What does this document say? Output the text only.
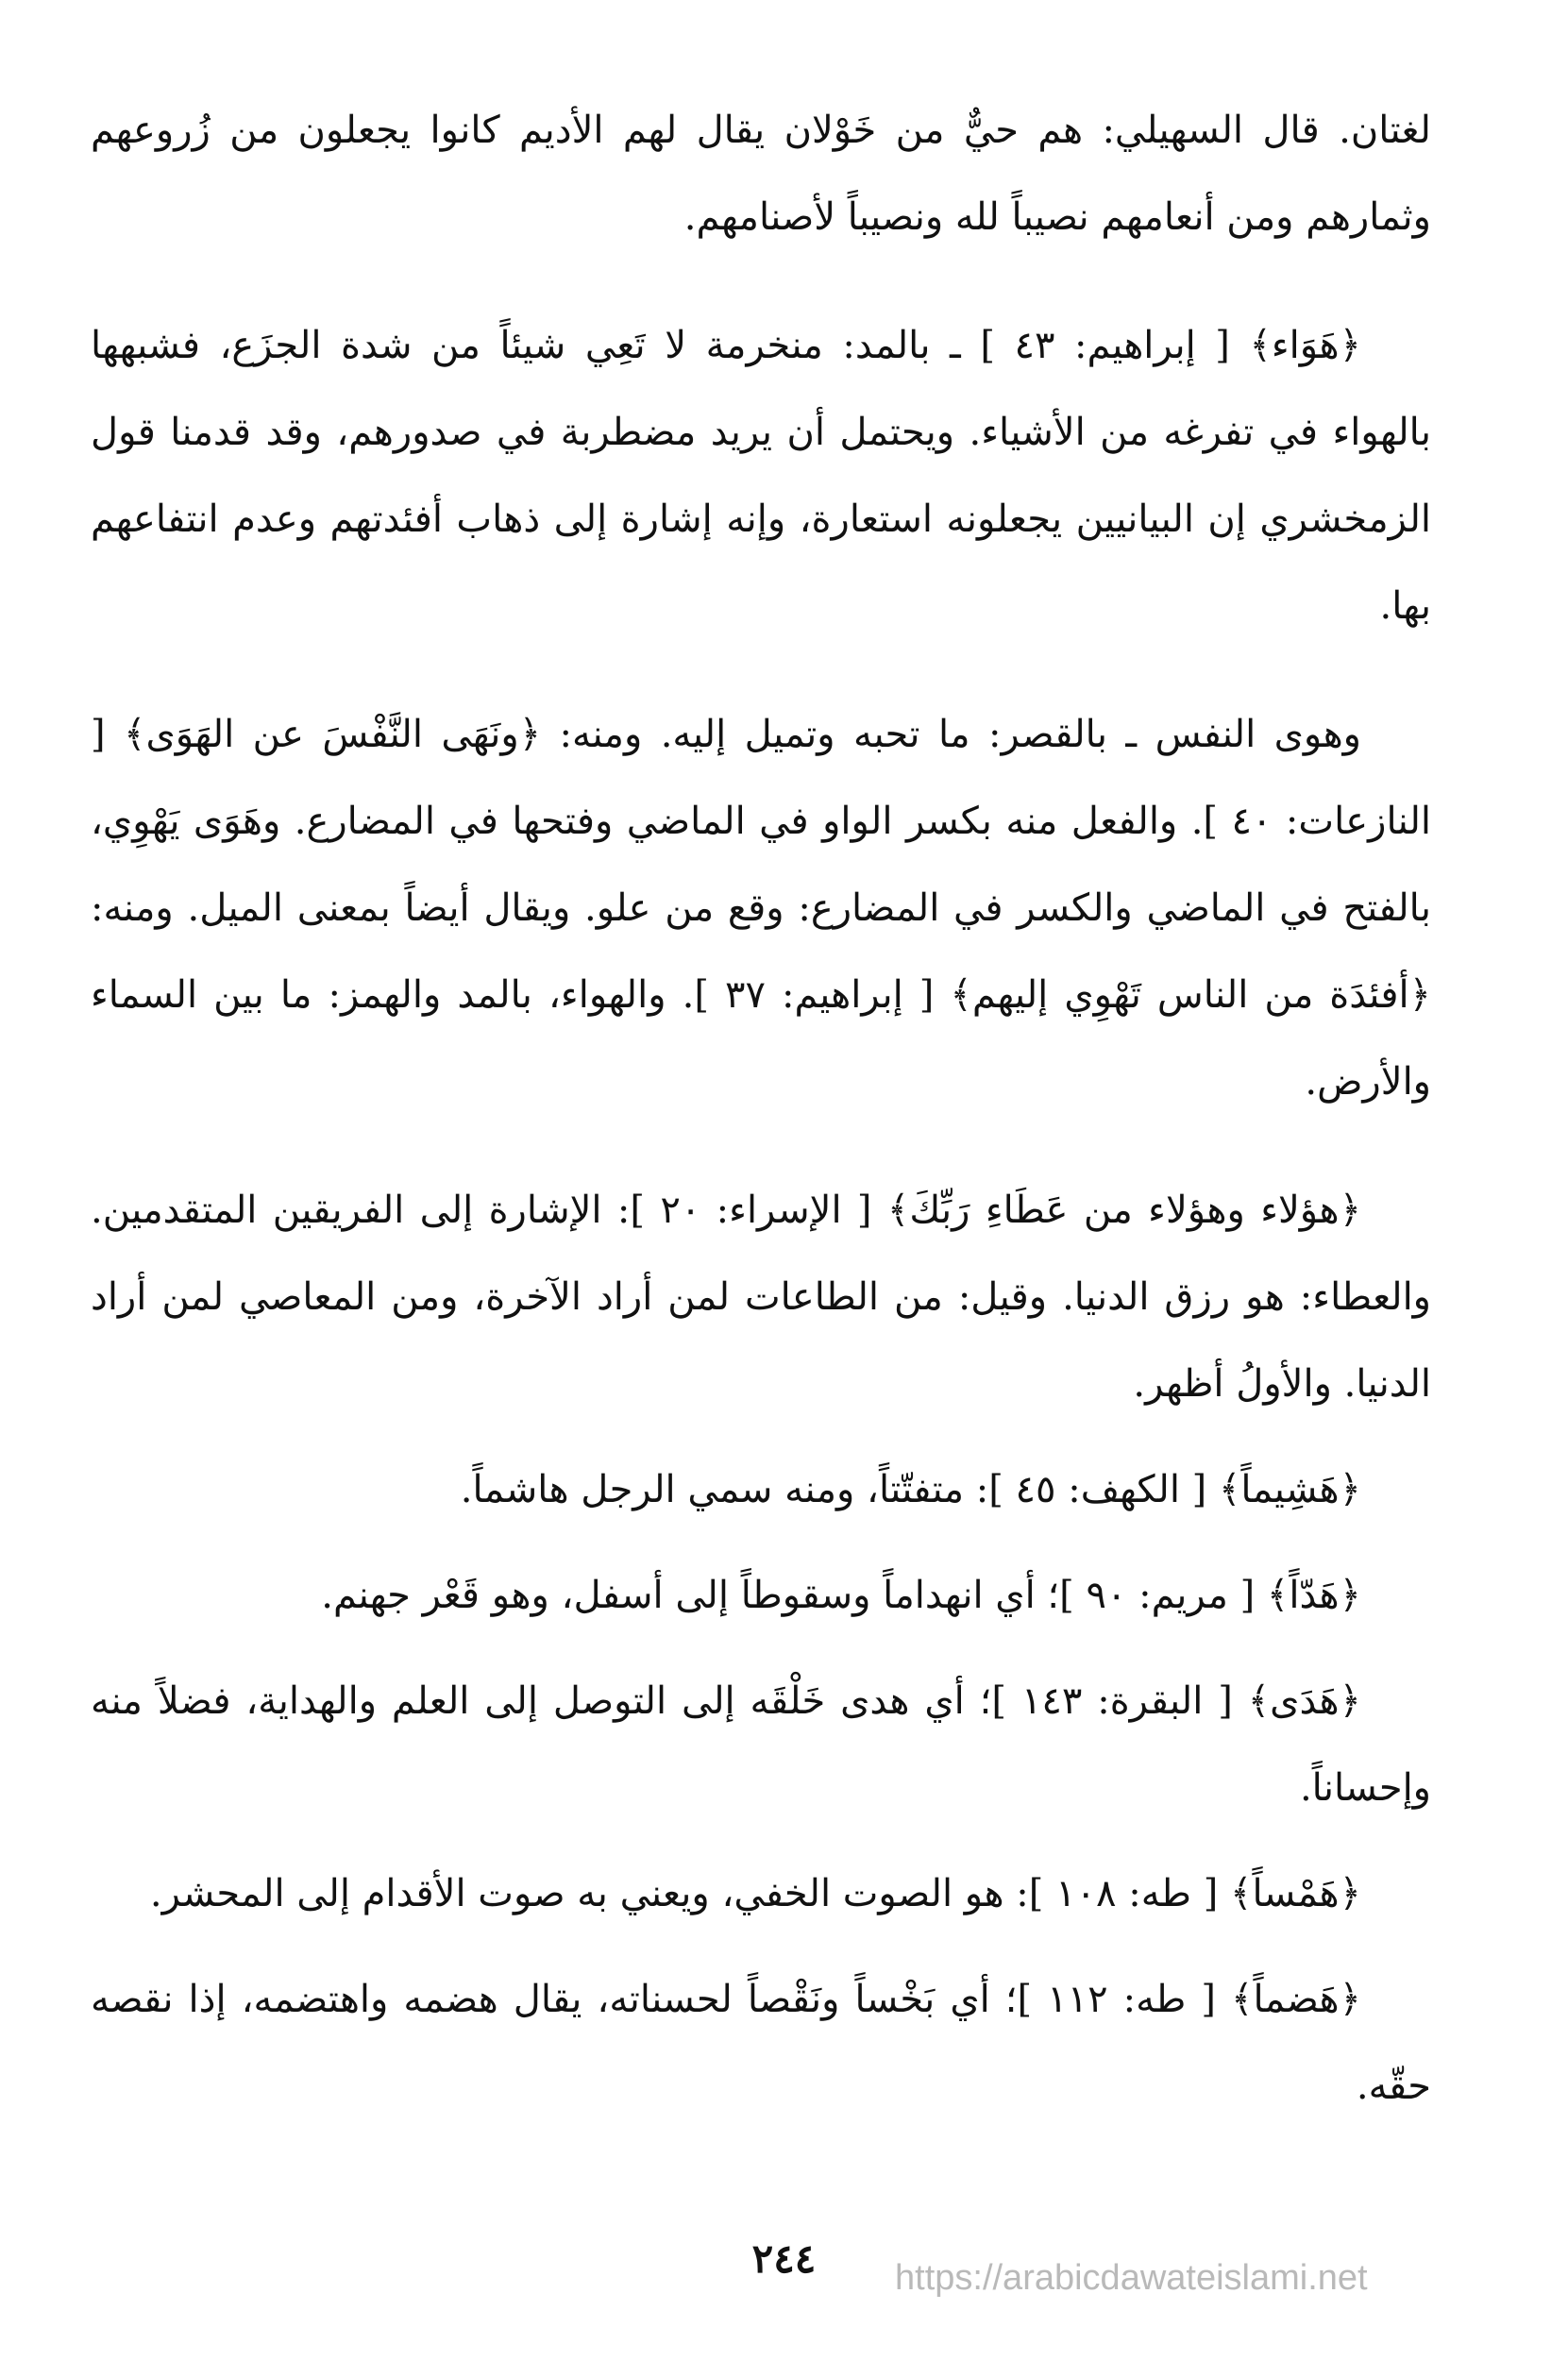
لغتان. قال السهيلي: هم حيٌّ من خَوْلان يقال لهم الأديم كانوا يجعلون من زُروعهم وثمارهم ومن أنعامهم نصيباً لله ونصيباً لأصنامهم.

﴿هَوَاء﴾ [ إبراهيم: ٤٣ ] ـ بالمد: منخرمة لا تَعِي شيئاً من شدة الجزَع، فشبهها بالهواء في تفرغه من الأشياء. ويحتمل أن يريد مضطربة في صدورهم، وقد قدمنا قول الزمخشري إن البيانيين يجعلونه استعارة، وإنه إشارة إلى ذهاب أفئدتهم وعدم انتفاعهم بها.

وهوى النفس ـ بالقصر: ما تحبه وتميل إليه. ومنه: ﴿ونَهَى النَّفْسَ عن الهَوَى﴾ [ النازعات: ٤٠ ]. والفعل منه بكسر الواو في الماضي وفتحها في المضارع. وهَوَى يَهْوِي، بالفتح في الماضي والكسر في المضارع: وقع من علو. ويقال أيضاً بمعنى الميل. ومنه: ﴿أفئدَة من الناس تَهْوِي إليهم﴾ [ إبراهيم: ٣٧ ]. والهواء، بالمد والهمز: ما بين السماء والأرض.

﴿هؤلاء وهؤلاء من عَطَاءِ رَبِّكَ﴾ [ الإسراء: ٢٠ ]: الإشارة إلى الفريقين المتقدمين. والعطاء: هو رزق الدنيا. وقيل: من الطاعات لمن أراد الآخرة، ومن المعاصي لمن أراد الدنيا. والأولُ أظهر.

﴿هَشِيماً﴾ [ الكهف: ٤٥ ]: متفتّتاً، ومنه سمي الرجل هاشماً.

﴿هَدّاً﴾ [ مريم: ٩٠ ]؛ أي انهداماً وسقوطاً إلى أسفل، وهو قَعْر جهنم.

﴿هَدَى﴾ [ البقرة: ١٤٣ ]؛ أي هدى خَلْقَه إلى التوصل إلى العلم والهداية، فضلاً منه وإحساناً.

﴿هَمْساً﴾ [ طه: ١٠٨ ]: هو الصوت الخفي، ويعني به صوت الأقدام إلى المحشر.

﴿هَضماً﴾ [ طه: ١١٢ ]؛ أي بَخْساً ونَقْصاً لحسناته، يقال هضمه واهتضمه، إذا نقصه حقّه.

٢٤٤	https://arabicdawateislami.net
